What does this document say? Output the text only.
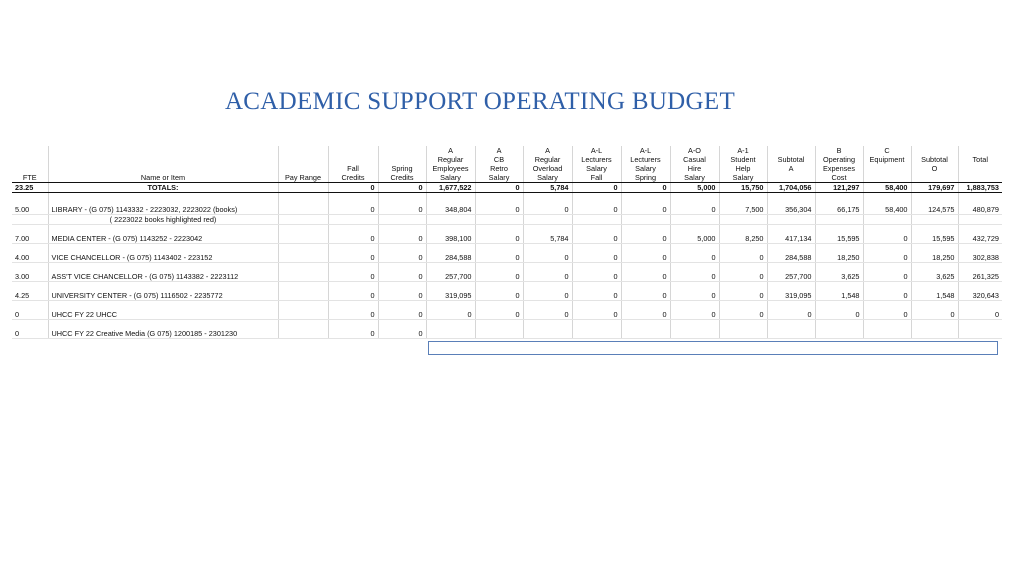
ACADEMIC SUPPORT OPERATING BUDGET
					A	A	A	A-L	A-L	A-O	A-1		B	C		
					Regular	CB	Regular	Lecturers	Lecturers	Casual	Student	Subtotal	Operating	Equipment	Subtotal	Total
			Fall	Spring	Employees	Retro	Overload	Salary	Salary	Hire	Help	A	Expenses		O	
FTE	Name or Item	Pay Range	Credits	Credits	Salary	Salary	Salary	Fall	Spring	Salary	Salary		Cost			
23.25	TOTALS:		0	0	1,677,522	0	5,784	0	0	5,000	15,750	1,704,056	121,297	58,400	179,697	1,883,753

5.00	LIBRARY - (G 075) 1143332 - 2223032, 2223022 (books)		0	0	348,804	0	0	0	0	0	7,500	356,304	66,175	58,400	124,575	480,879
	( 2223022 books highlighted red)															

7.00	MEDIA CENTER - (G 075) 1143252 - 2223042		0	0	398,100	0	5,784	0	0	5,000	8,250	417,134	15,595	0	15,595	432,729

4.00	VICE CHANCELLOR - (G 075) 1143402 - 223152		0	0	284,588	0	0	0	0	0	0	284,588	18,250	0	18,250	302,838

3.00	ASS'T VICE CHANCELLOR - (G 075) 1143382 - 2223112		0	0	257,700	0	0	0	0	0	0	257,700	3,625	0	3,625	261,325

4.25	UNIVERSITY CENTER - (G 075) 1116502 - 2235772		0	0	319,095	0	0	0	0	0	0	319,095	1,548	0	1,548	320,643

0	UHCC FY 22 UHCC		0	0	0	0	0	0	0	0	0	0	0	0	0	0

0	UHCC FY 22 Creative Media (G 075) 1200185 - 2301230		0	0												
